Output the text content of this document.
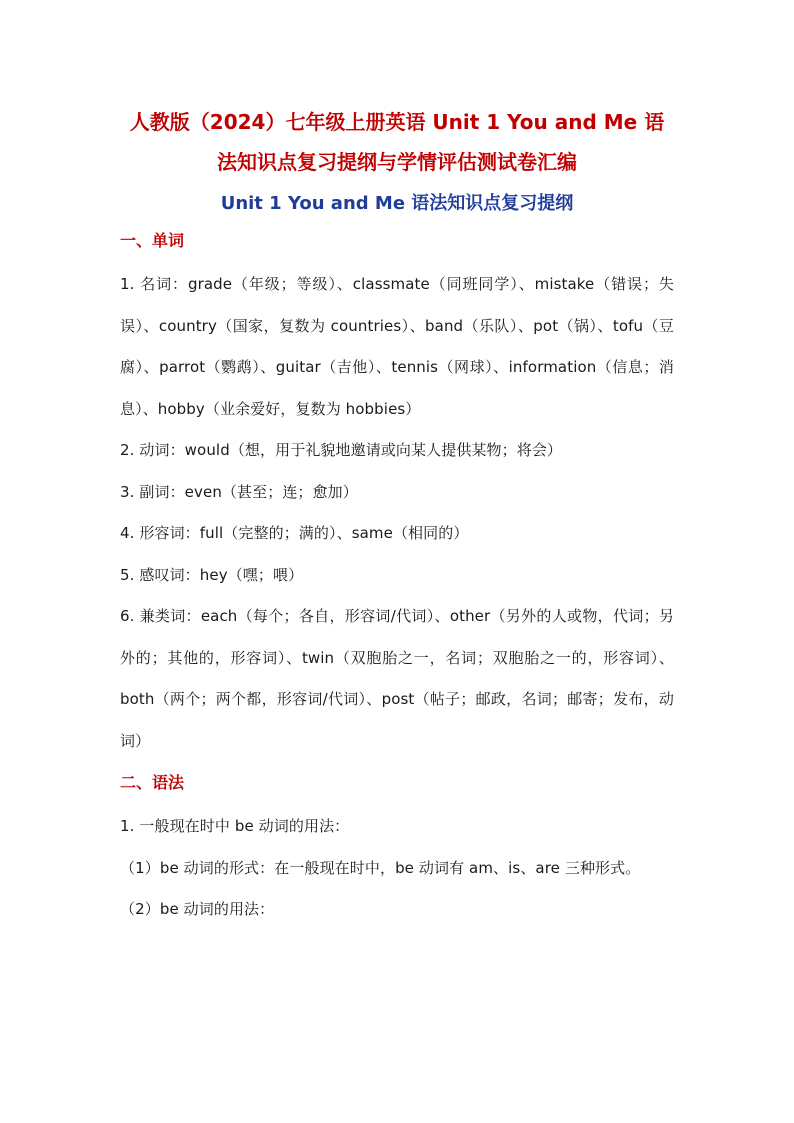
人教版（2024）七年级上册英语 Unit 1 You and Me 语
法知识点复习提纲与学情评估测试卷汇编
Unit 1 You and Me 语法知识点复习提纲
一、单词

1. 名词：grade（年级；等级）、classmate（同班同学）、mistake（错误；失误）、country（国家，复数为 countries）、band（乐队）、pot（锅）、tofu（豆腐）、parrot（鹦鹉）、guitar（吉他）、tennis（网球）、information（信息；消息）、hobby（业余爱好，复数为 hobbies）

2. 动词：would（想，用于礼貌地邀请或向某人提供某物；将会）

3. 副词：even（甚至；连；愈加）

4. 形容词：full（完整的；满的）、same（相同的）

5. 感叹词：hey（嘿；喂）

6. 兼类词：each（每个；各自，形容词/代词）、other（另外的人或物，代词；另外的；其他的，形容词）、twin（双胞胎之一，名词；双胞胎之一的，形容词）、both（两个；两个都，形容词/代词）、post（帖子；邮政，名词；邮寄；发布，动词）

二、语法

1. 一般现在时中 be 动词的用法：

（1）be 动词的形式：在一般现在时中，be 动词有 am、is、are 三种形式。

（2）be 动词的用法：
